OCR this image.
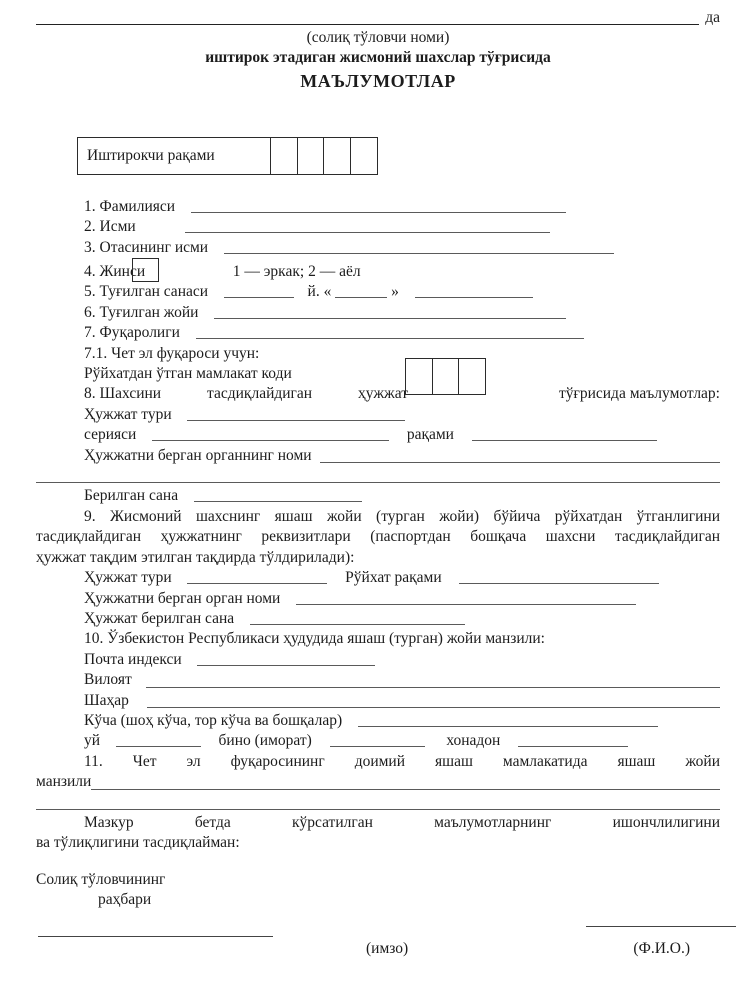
да
(солиқ тўловчи номи)
иштирок этадиган жисмоний шахслар тўғрисида
МАЪЛУМОТЛАР
Иштирокчи рақами
1. Фамилияси
2. Исми
3. Отасининг исми
4. Жинси	1 — эркак; 2 — аёл
5. Туғилган санаси	й. «	»
6. Туғилган жойи
7. Фуқаролиги
7.1. Чет эл фуқароси учун:
Рўйхатдан ўтган мамлакат коди
8. Шахсини	тасдиқлайдиган	ҳужжат	тўғрисида маълумотлар:
Ҳужжат тури
серияси	рақами
Ҳужжатни берган органнинг номи
Берилган сана
9. Жисмоний шахснинг яшаш жойи (турган жойи) бўйича рўйхатдан ўтганлигини
тасдиқлайдиган ҳужжатнинг реквизитлари (паспортдан бошқача шахсни тасдиқлайдиган
ҳужжат тақдим этилган тақдирда тўлдирилади):
Ҳужжат тури	Рўйхат рақами
Ҳужжатни берган орган номи
Ҳужжат берилган сана
10. Ўзбекистон Республикаси ҳудудида яшаш (турган) жойи манзили:
Почта индекси
Вилоят
Шаҳар
Кўча (шоҳ кўча, тор кўча ва бошқалар)
уй	бино (иморат)	хонадон
11. Чет эл фуқаросининг доимий яшаш мамлакатида яшаш жойи
манзили
Мазкур бетда кўрсатилган маълумотларнинг ишончлилигини
ва тўлиқлигини тасдиқлайман:
Солиқ тўловчининг
раҳбари
(имзо)	(Ф.И.О.)
